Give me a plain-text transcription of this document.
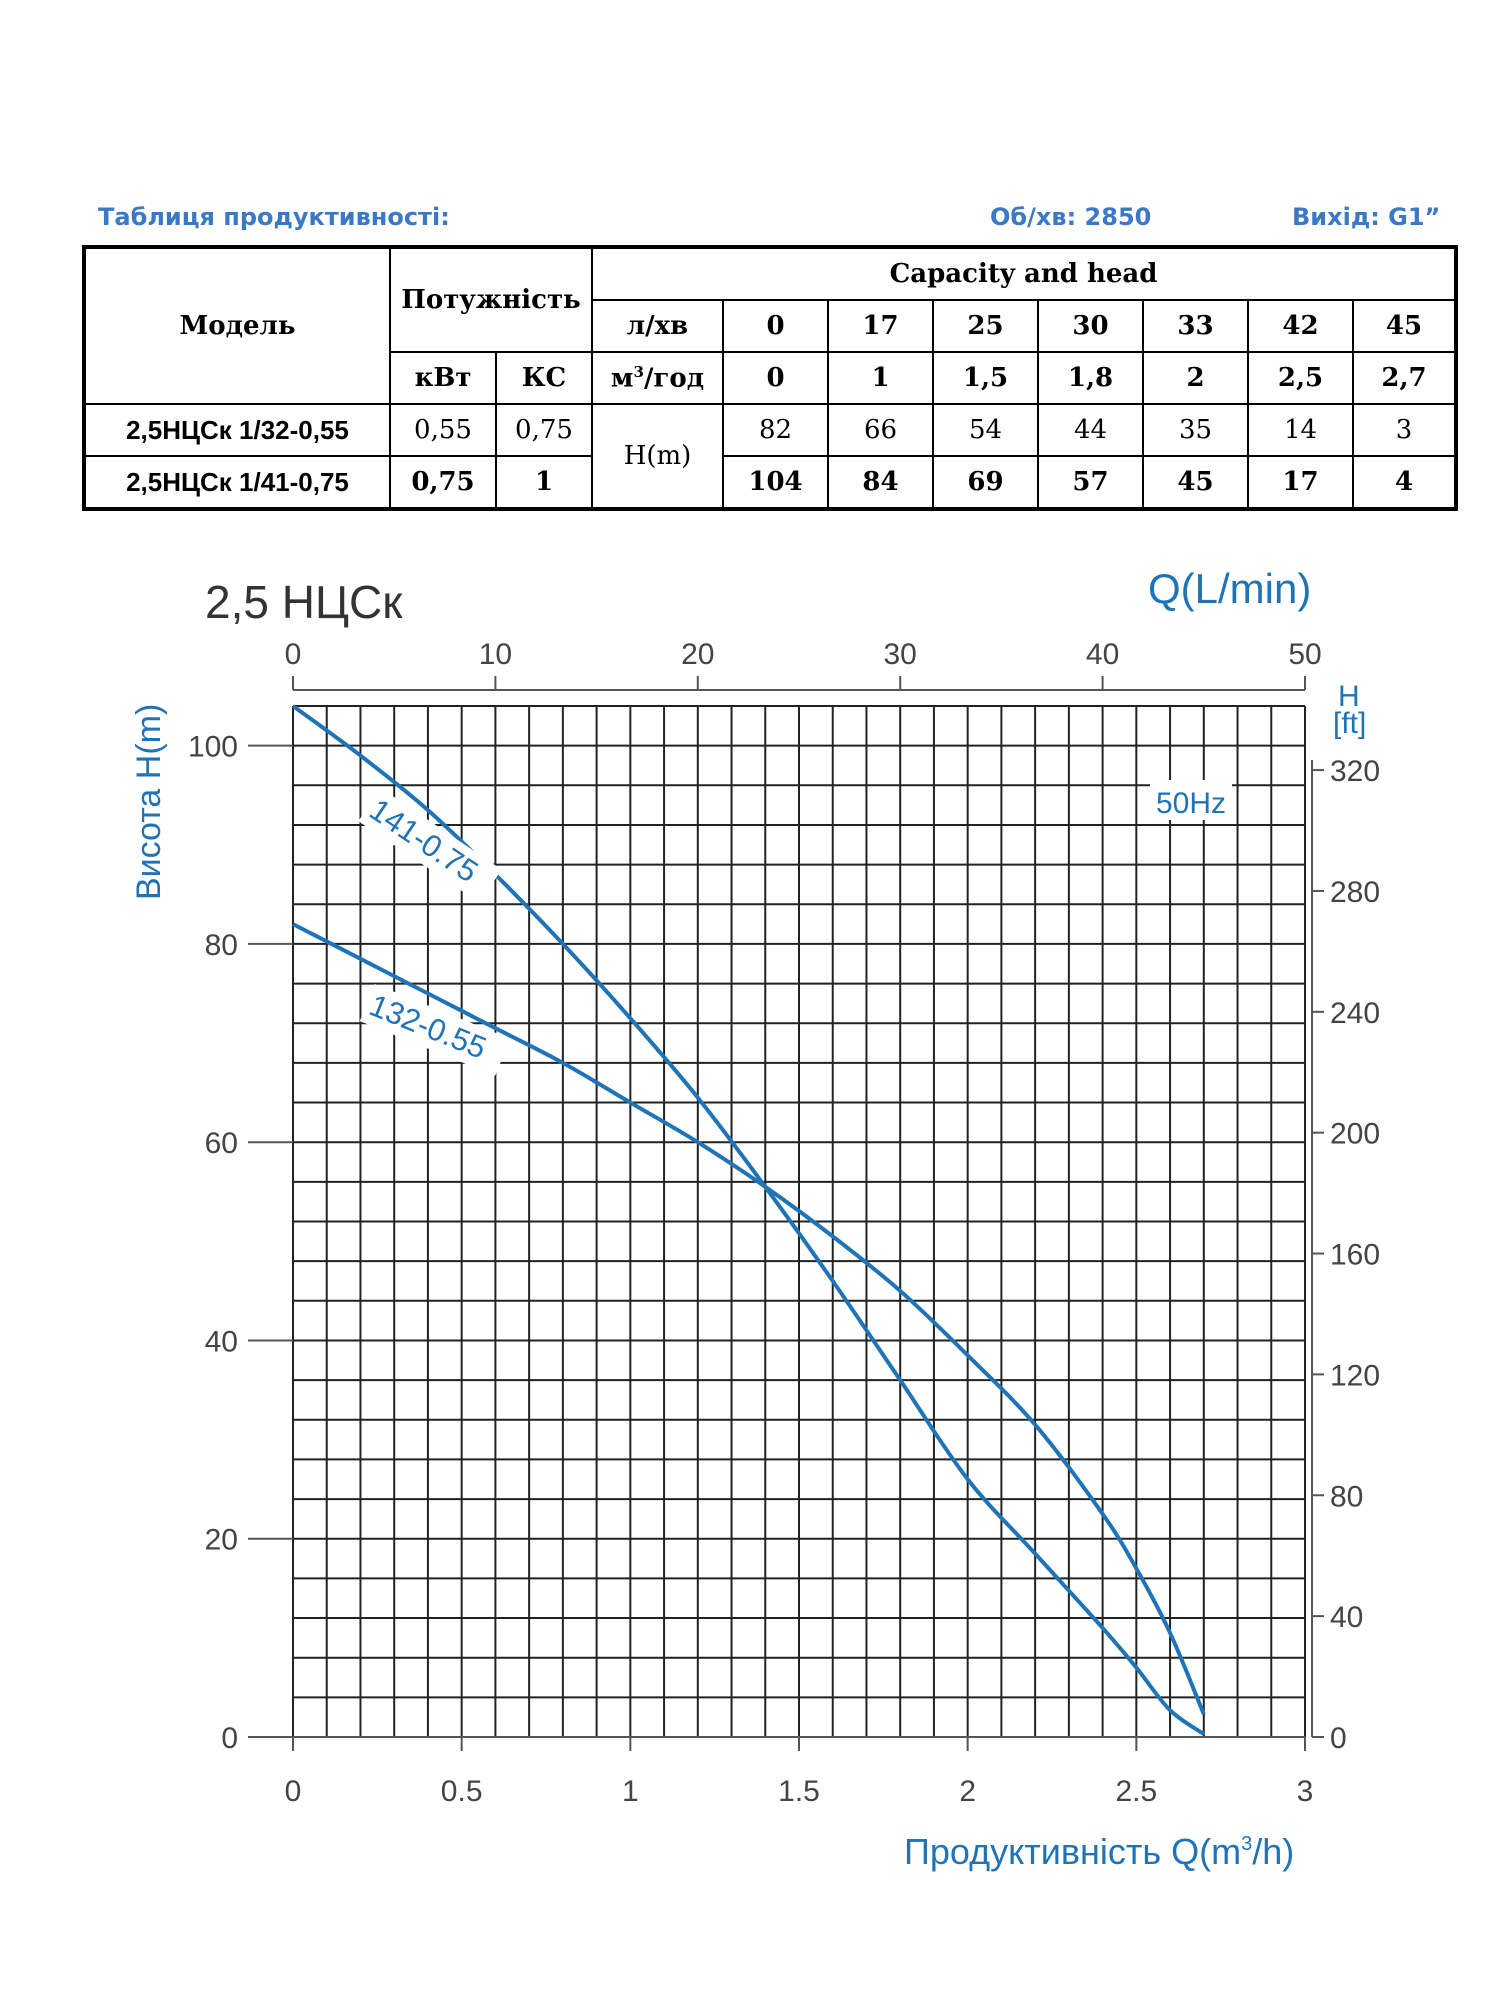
Таблиця продуктивності:	Об/хв: 2850	Вихід: G1”
Модель	Потужність		Capacity and head							
			л/хв	0	17	25	30	33	42	45
	кВт	КС	$м^3$/год	0	1	1,5	1,8	2	2,5	2,7
2,5НЦСк 1/32-0,55	0,55	0,75	H(m)	82	66	54	44	35	14	3
2,5НЦСк 1/41-0,75	0,75	1		104	84	69	57	45	17	4
0	0.5	1	1.5	2	2.5	3
0
20
40
60
80
100
0	10	20	30	40	50
0
40
80
120
160
200
240
280
320
141-0.75
132-0.55
2,5 НЦСк	Q(L/min)
H
[ft]
Висота H(m)
Продуктивність $Q(m^3/h)$
50Hz
